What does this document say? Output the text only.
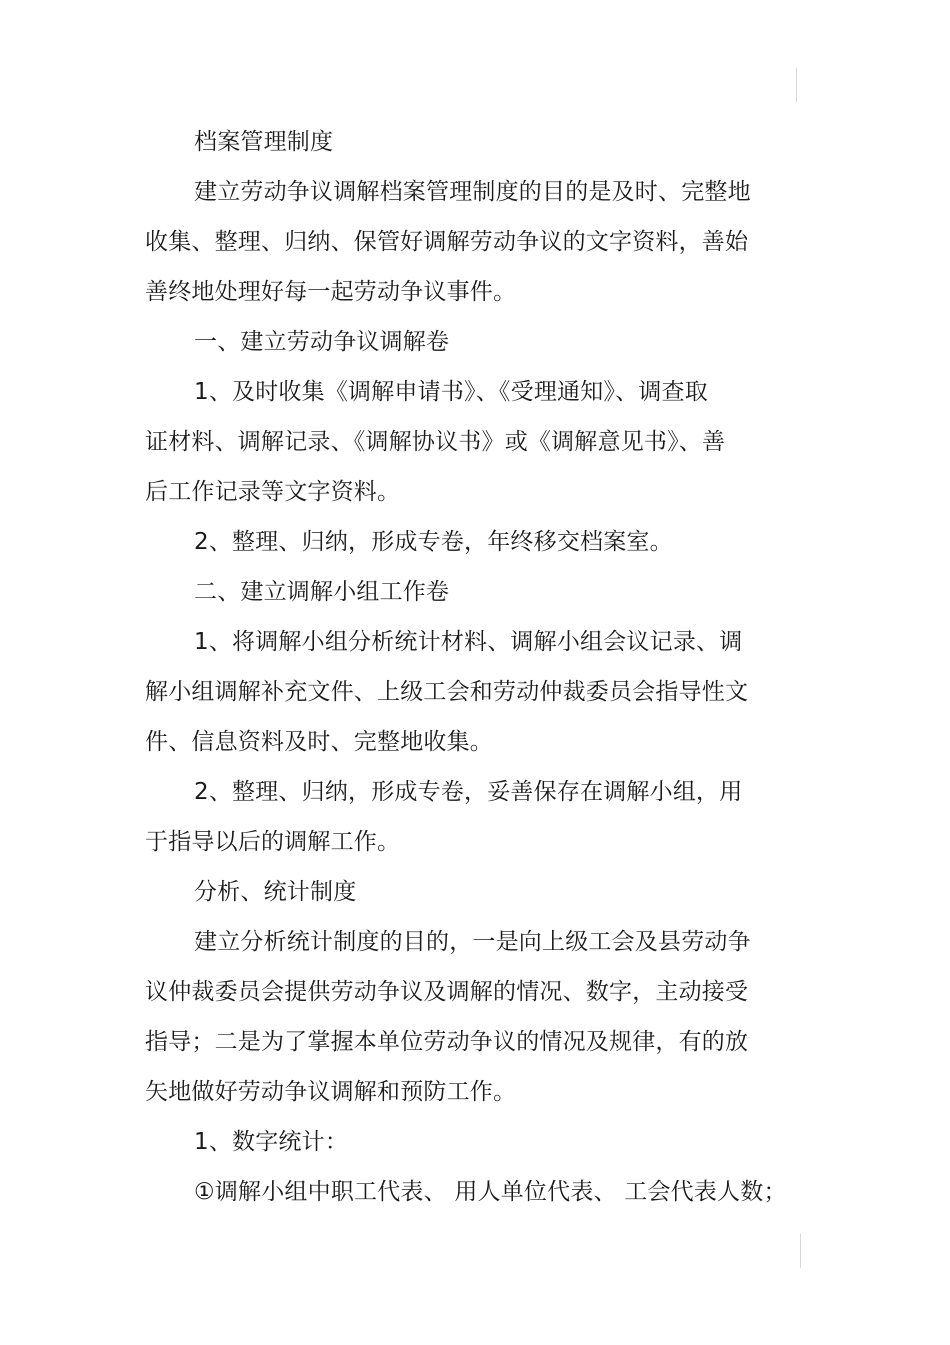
档案管理制度
建立劳动争议调解档案管理制度的目的是及时、完整地
收集、整理、归纳、保管好调解劳动争议的文字资料，善始
善终地处理好每一起劳动争议事件。
一、建立劳动争议调解卷
1、及时收集《调解申请书》、《受理通知》、调查取
证材料、调解记录、《调解协议书》或《调解意见书》、善
后工作记录等文字资料。
2、整理、归纳，形成专卷，年终移交档案室。
二、建立调解小组工作卷
1、将调解小组分析统计材料、调解小组会议记录、调
解小组调解补充文件、上级工会和劳动仲裁委员会指导性文
件、信息资料及时、完整地收集。
2、整理、归纳，形成专卷，妥善保存在调解小组，用
于指导以后的调解工作。
分析、统计制度
建立分析统计制度的目的，一是向上级工会及县劳动争
议仲裁委员会提供劳动争议及调解的情况、数字，主动接受
指导；二是为了掌握本单位劳动争议的情况及规律，有的放
矢地做好劳动争议调解和预防工作。
1、数字统计：
①调解小组中职工代表、 用人单位代表、 工会代表人数；
